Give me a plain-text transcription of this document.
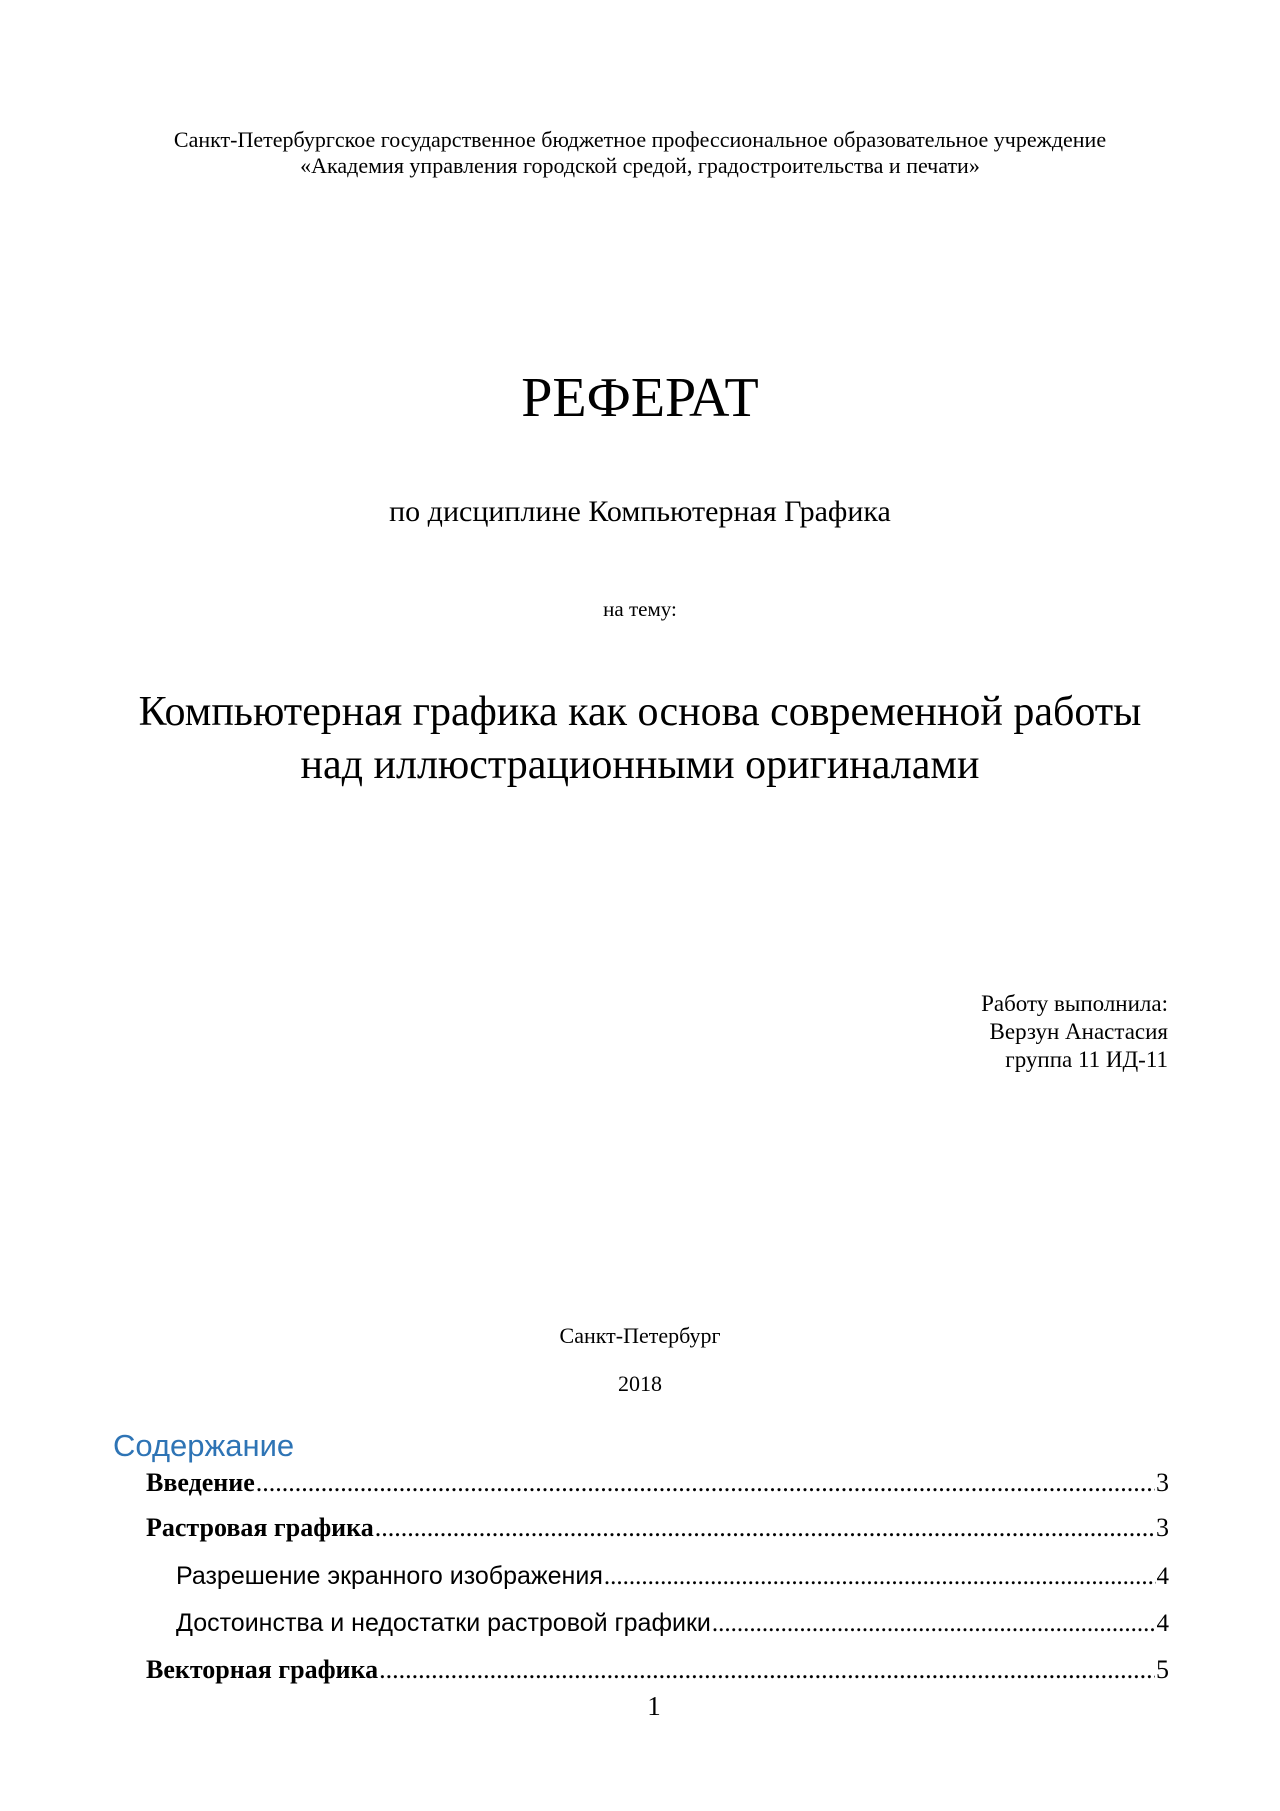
Санкт-Петербургское государственное бюджетное профессиональное образовательное учреждение
«Академия управления городской средой, градостроительства и печати»
РЕФЕРАТ
по дисциплине Компьютерная Графика
на тему:
Компьютерная графика как основа современной работы
над иллюстрационными оригиналами
Работу выполнила:
Верзун Анастасия
группа 11 ИД-11
Санкт-Петербург
2018
Содержание
Введение .....	3
Растровая графика .....	3
Разрешение экранного изображения .....	4
Достоинства и недостатки растровой графики .....	4
Векторная графика .....	5
1
